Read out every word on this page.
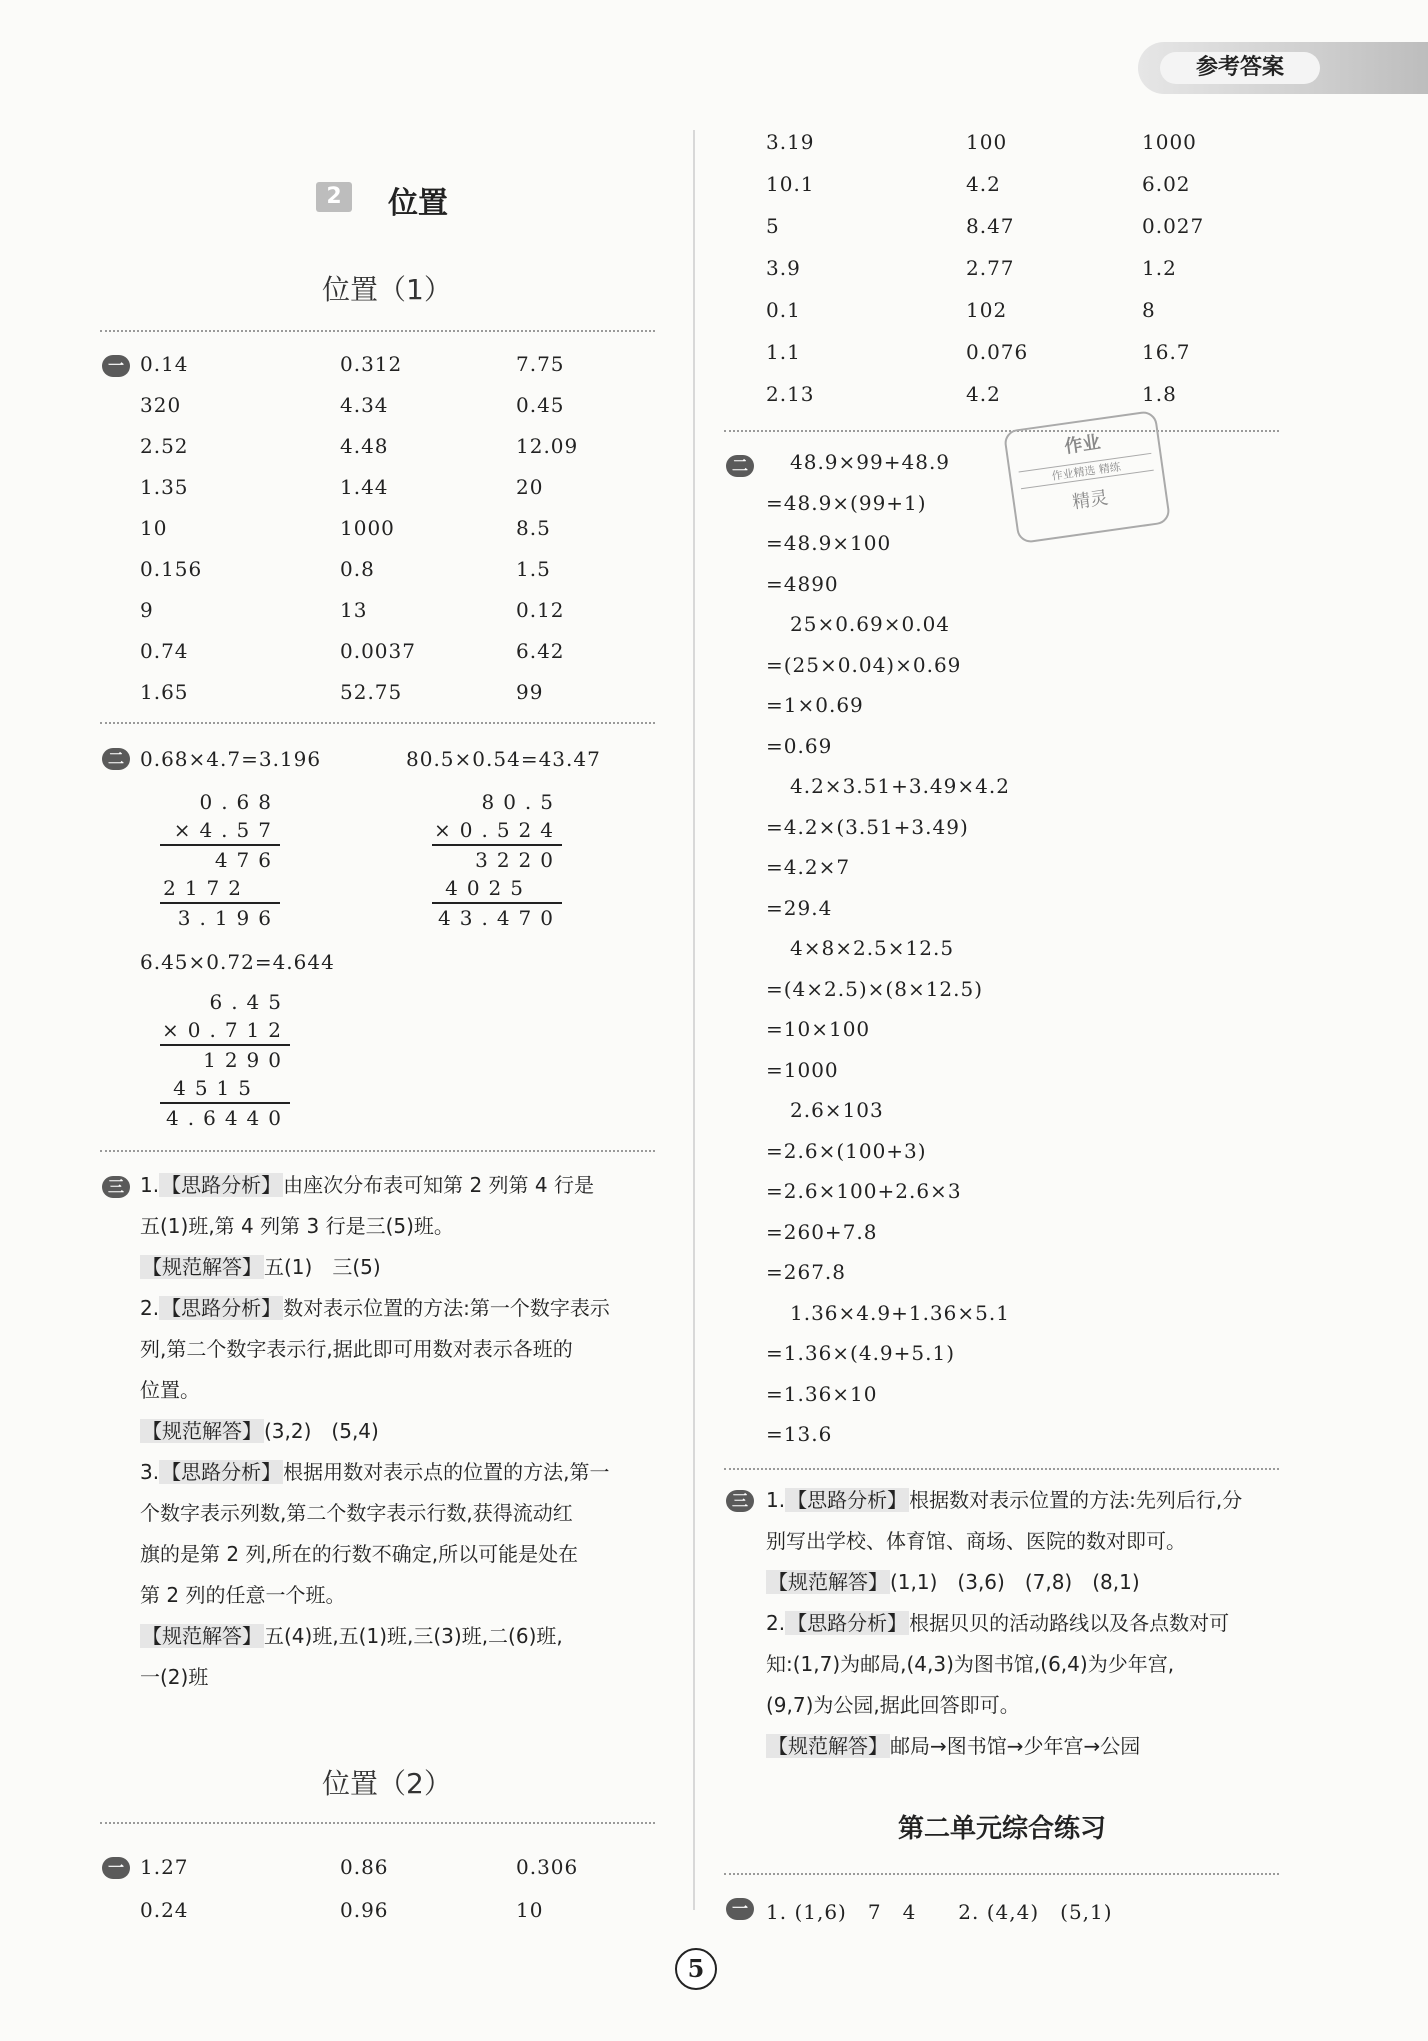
参考答案
2	位置
位置（1）
一 0.14	0.312	7.75
320	4.34	0.45
2.52	4.48	12.09
1.35	1.44	20
10	1000	8.5
0.156	0.8	1.5
9	13	0.12
0.74	0.0037	6.42
1.65	52.75	99
二 0.68×4.7=3.196	80.5×0.54=43.47
0.68
×4.57
476
2172
3.196
80.5
×0.524
3220
4025
43.470
6.45×0.72=4.644
6.45
×0.712
1290
4515
4.6440
三 1. 【思路分析】 由座次分布表可知第 2 列第 4 行是
五(1)班,第 4 列第 3 行是三(5)班。
【规范解答】 五(1)　三(5)
2. 【思路分析】 数对表示位置的方法:第一个数字表示
列,第二个数字表示行,据此即可用数对表示各班的
位置。
【规范解答】 (3,2)　(5,4)
3. 【思路分析】 根据用数对表示点的位置的方法,第一
个数字表示列数,第二个数字表示行数,获得流动红
旗的是第 2 列,所在的行数不确定,所以可能是处在
第 2 列的任意一个班。
【规范解答】 五(4)班,五(1)班,三(3)班,二(6)班,
一(2)班
位置（2）
一 1.27	0.86	0.306
0.24	0.96	10
3.19	100	1000
10.1	4.2	6.02
5	8.47	0.027
3.9	2.77	1.2
0.1	102	8
1.1	0.076	16.7
2.13	4.2	1.8
二	48.9×99+48.9
=48.9×(99+1)
=48.9×100
=4890
25×0.69×0.04
=(25×0.04)×0.69
=1×0.69
=0.69
4.2×3.51+3.49×4.2
=4.2×(3.51+3.49)
=4.2×7
=29.4
4×8×2.5×12.5
=(4×2.5)×(8×12.5)
=10×100
=1000
2.6×103
=2.6×(100+3)
=2.6×100+2.6×3
=260+7.8
=267.8
1.36×4.9+1.36×5.1
=1.36×(4.9+5.1)
=1.36×10
=13.6
作业
作业精选 精练
精灵
三 1. 【思路分析】 根据数对表示位置的方法:先列后行,分
别写出学校、体育馆、商场、医院的数对即可。
【规范解答】 (1,1)　(3,6)　(7,8)　(8,1)
2. 【思路分析】 根据贝贝的活动路线以及各点数对可
知:(1,7)为邮局,(4,3)为图书馆,(6,4)为少年宫,
(9,7)为公园,据此回答即可。
【规范解答】 邮局→图书馆→少年宫→公园
第二单元综合练习
一 1. (1,6)　7　4　　2. (4,4)　(5,1)
5
